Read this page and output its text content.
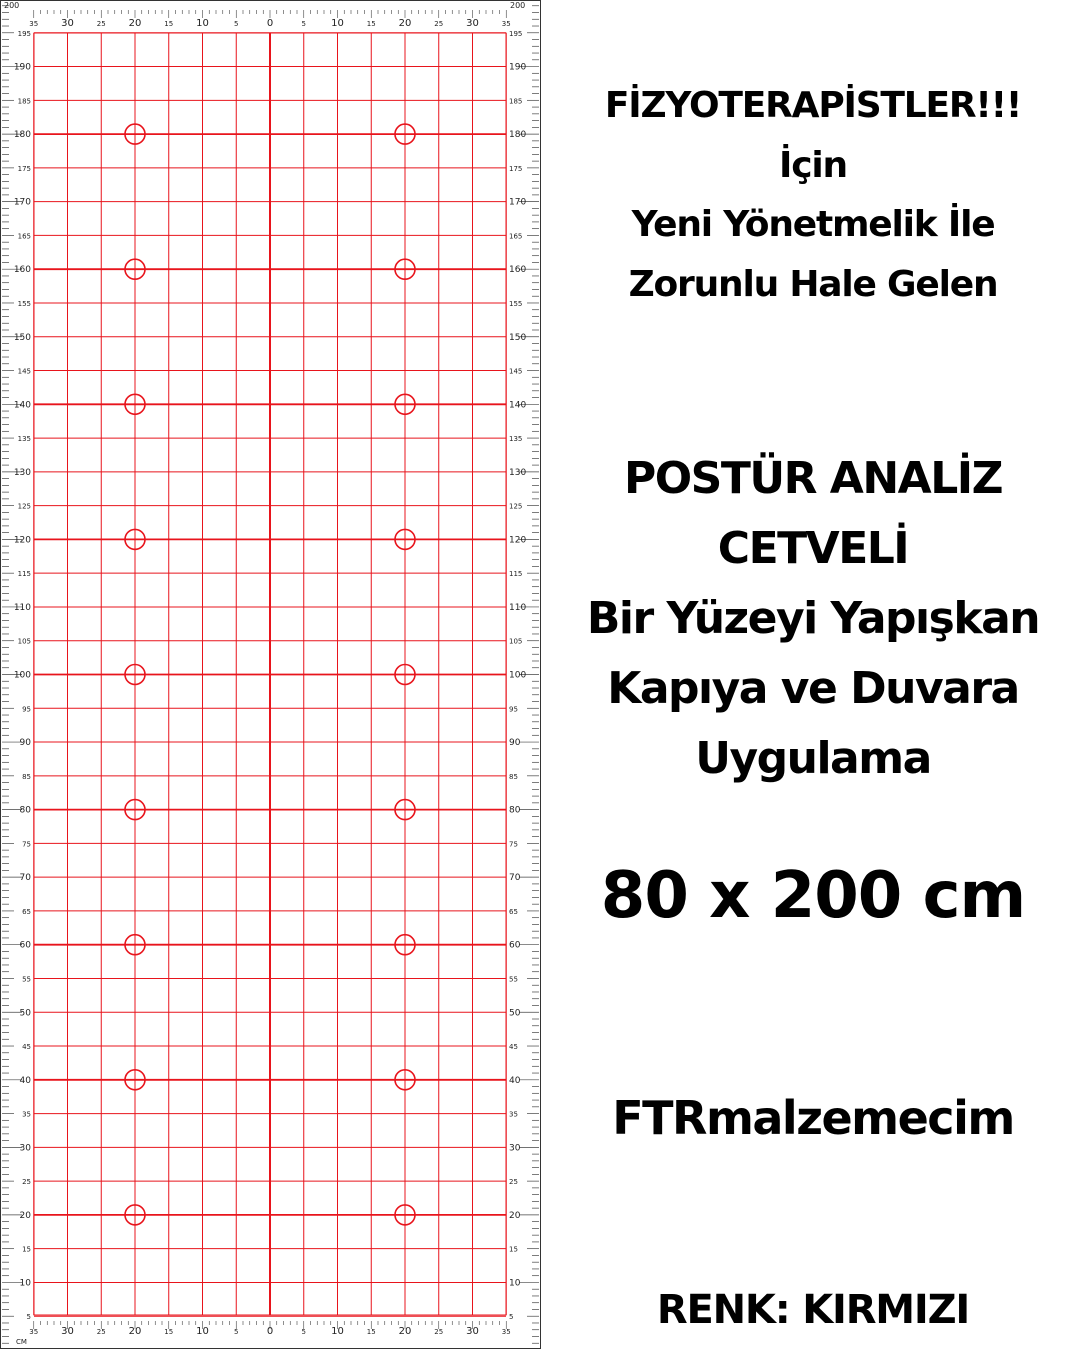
5	5
10	10
15	15
20	20
25	25
30	30
35	35
40	40
45	45
50	50
55	55
60	60
65	65
70	70
75	75
80	80
85	85
90	90
95	95
100	100
105	105
110	110
115	115
120	120
125	125
130	130
135	135
140	140
145	145
150	150
155	155
160	160
165	165
170	170
175	175
180	180
185	185
190	190
195	195
200	200
35
35
30
30
25
25
20
20
15
15
10
10
5
5
0
0
5
5
10
10
15
15
20
20
25
25
30
30
35
35
CM
FİZYOTERAPİSTLER!!!
İçin
Yeni Yönetmelik İle
Zorunlu Hale Gelen
POSTÜR ANALİZ
CETVELİ
Bir Yüzeyi Yapışkan
Kapıya ve Duvara
Uygulama
80 x 200 cm
FTRmalzemecim
RENK: KIRMIZI
